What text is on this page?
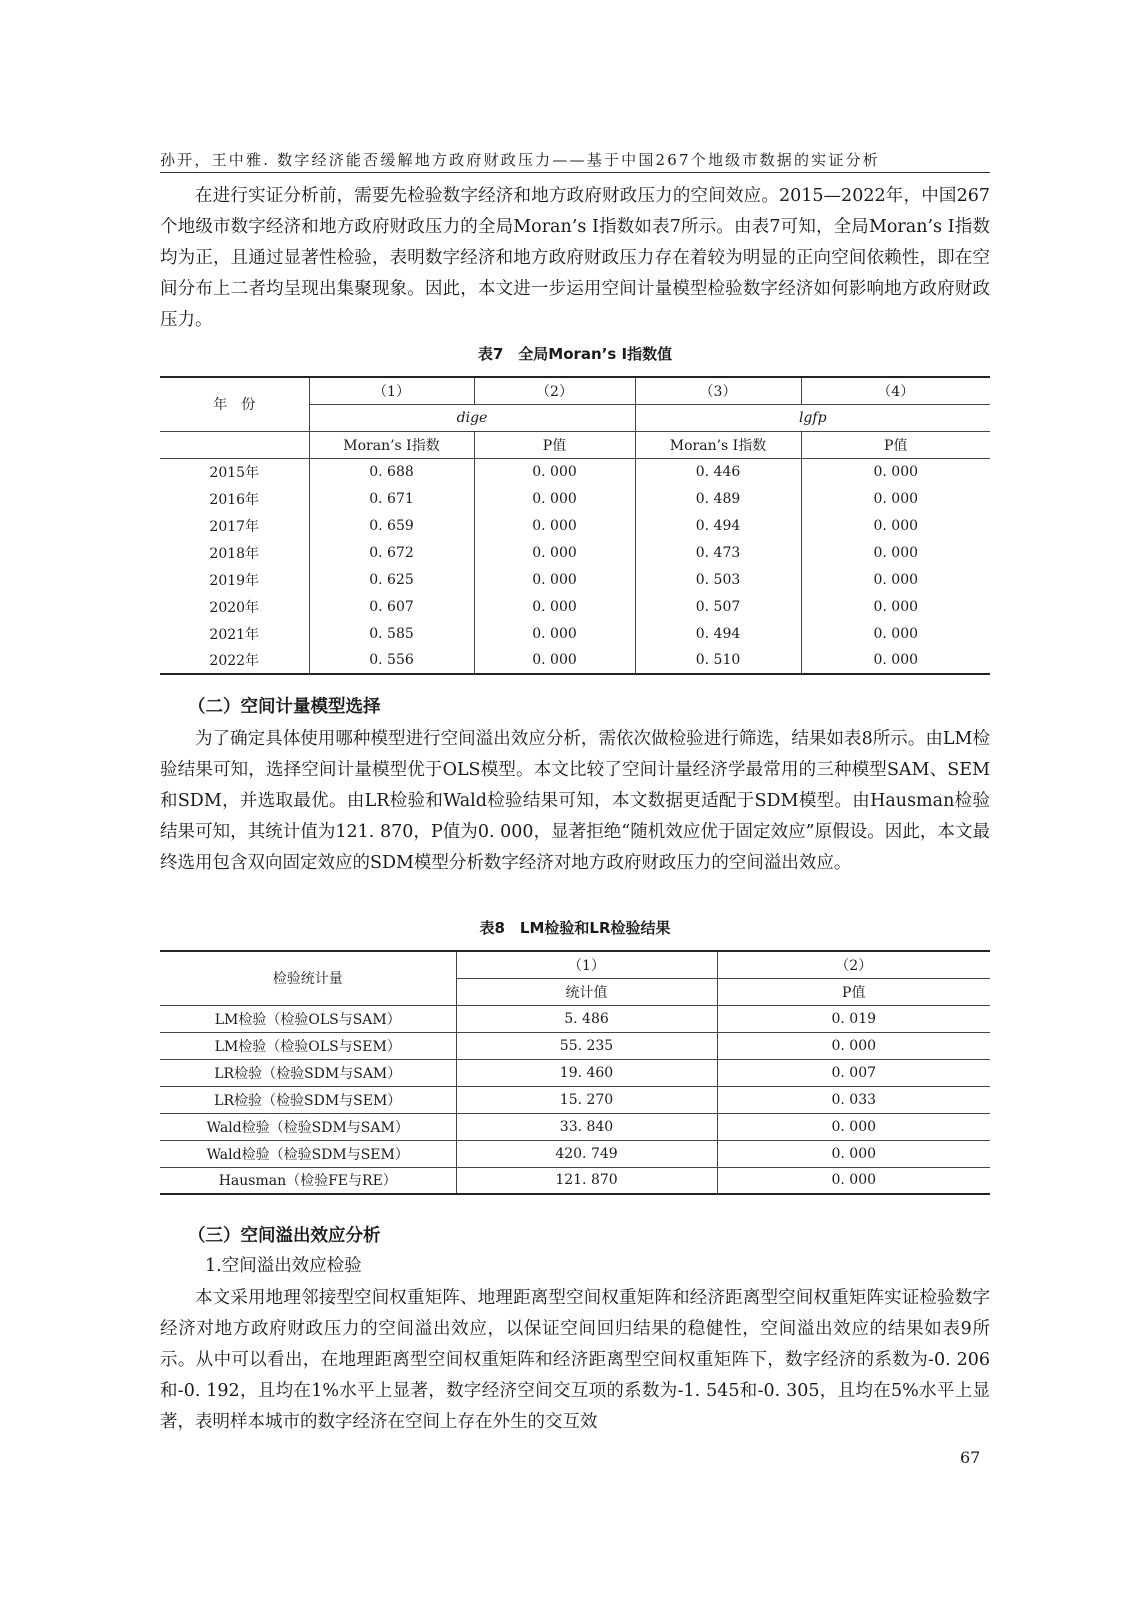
孙开，王中雅. 数字经济能否缓解地方政府财政压力——基于中国267个地级市数据的实证分析

在进行实证分析前，需要先检验数字经济和地方政府财政压力的空间效应。2015—2022年，中国267个地级市数字经济和地方政府财政压力的全局Moran’s I指数如表7所示。由表7可知，全局Moran’s I指数均为正，且通过显著性检验，表明数字经济和地方政府财政压力存在着较为明显的正向空间依赖性，即在空间分布上二者均呈现出集聚现象。因此，本文进一步运用空间计量模型检验数字经济如何影响地方政府财政压力。

表7　全局Moran’s I指数值
年　份	（1）	（2）	（3）	（4）
	dige		lgfp	
	Moran’s I指数	P值	Moran’s I指数	P值
2015年	0. 688	0. 000	0. 446	0. 000
2016年	0. 671	0. 000	0. 489	0. 000
2017年	0. 659	0. 000	0. 494	0. 000
2018年	0. 672	0. 000	0. 473	0. 000
2019年	0. 625	0. 000	0. 503	0. 000
2020年	0. 607	0. 000	0. 507	0. 000
2021年	0. 585	0. 000	0. 494	0. 000
2022年	0. 556	0. 000	0. 510	0. 000
（二）空间计量模型选择

为了确定具体使用哪种模型进行空间溢出效应分析，需依次做检验进行筛选，结果如表8所示。由LM检验结果可知，选择空间计量模型优于OLS模型。本文比较了空间计量经济学最常用的三种模型SAM、SEM和SDM，并选取最优。由LR检验和Wald检验结果可知，本文数据更适配于SDM模型。由Hausman检验结果可知，其统计值为121. 870，P值为0. 000，显著拒绝“随机效应优于固定效应”原假设。因此，本文最终选用包含双向固定效应的SDM模型分析数字经济对地方政府财政压力的空间溢出效应。

表8　LM检验和LR检验结果
检验统计量	（1）	（2）
	统计值	P值
LM检验（检验OLS与SAM）	5. 486	0. 019
LM检验（检验OLS与SEM）	55. 235	0. 000
LR检验（检验SDM与SAM）	19. 460	0. 007
LR检验（检验SDM与SEM）	15. 270	0. 033
Wald检验（检验SDM与SAM）	33. 840	0. 000
Wald检验（检验SDM与SEM）	420. 749	0. 000
Hausman（检验FE与RE）	121. 870	0. 000
（三）空间溢出效应分析
1.空间溢出效应检验

本文采用地理邻接型空间权重矩阵、地理距离型空间权重矩阵和经济距离型空间权重矩阵实证检验数字经济对地方政府财政压力的空间溢出效应，以保证空间回归结果的稳健性，空间溢出效应的结果如表9所示。从中可以看出，在地理距离型空间权重矩阵和经济距离型空间权重矩阵下，数字经济的系数为-0. 206和-0. 192，且均在1%水平上显著，数字经济空间交互项的系数为-1. 545和-0. 305，且均在5%水平上显著，表明样本城市的数字经济在空间上存在外生的交互效

67
